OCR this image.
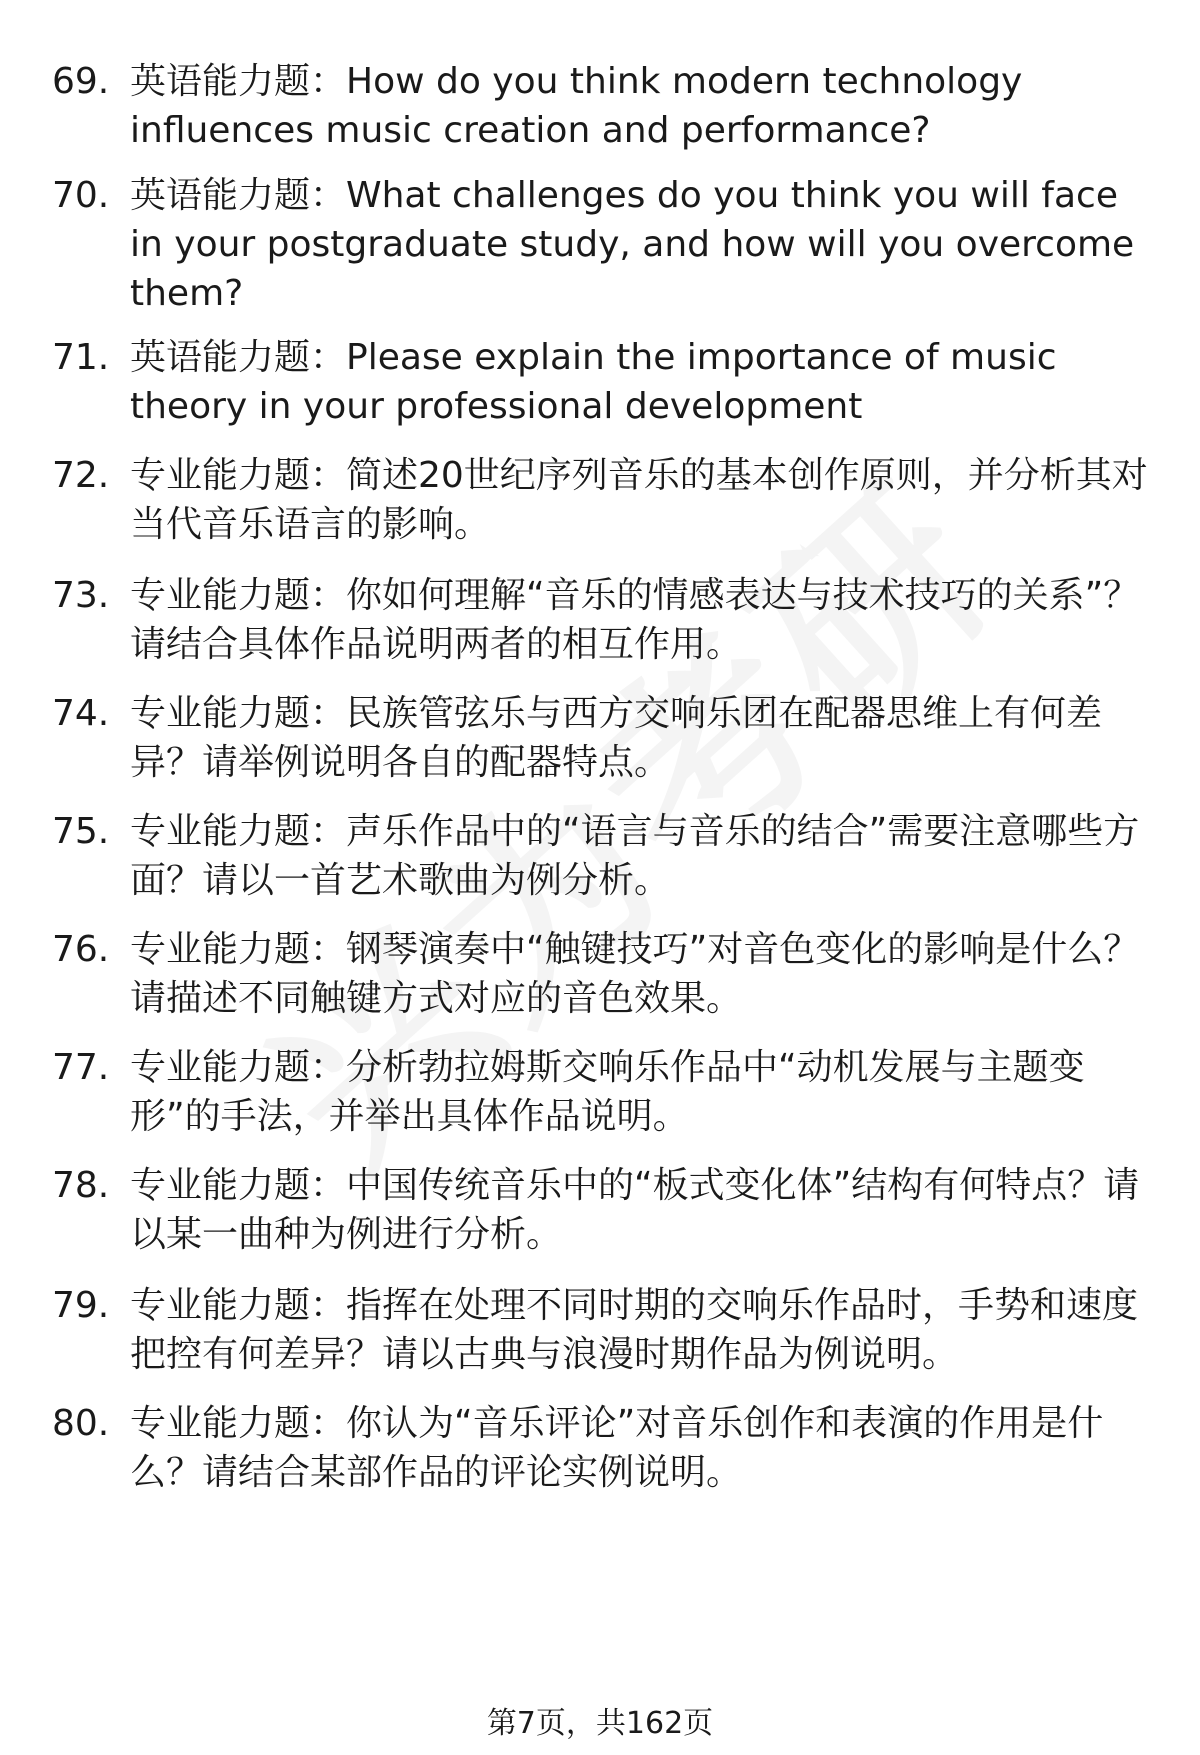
69. 英语能力题：How do you think modern technology influences music creation and performance?
70. 英语能力题：What challenges do you think you will face in your postgraduate study, and how will you overcome them?
71. 英语能力题：Please explain the importance of music theory in your professional development
72. 专业能力题：简述20世纪序列音乐的基本创作原则，并分析其对当代音乐语言的影响。
73. 专业能力题：你如何理解“音乐的情感表达与技术技巧的关系”？请结合具体作品说明两者的相互作用。
74. 专业能力题：民族管弦乐与西方交响乐团在配器思维上有何差异？请举例说明各自的配器特点。
75. 专业能力题：声乐作品中的“语言与音乐的结合”需要注意哪些方面？请以一首艺术歌曲为例分析。
76. 专业能力题：钢琴演奏中“触键技巧”对音色变化的影响是什么？请描述不同触键方式对应的音色效果。
77. 专业能力题：分析勃拉姆斯交响乐作品中“动机发展与主题变形”的手法，并举出具体作品说明。
78. 专业能力题：中国传统音乐中的“板式变化体”结构有何特点？请以某一曲种为例进行分析。
79. 专业能力题：指挥在处理不同时期的交响乐作品时，手势和速度把控有何差异？请以古典与浪漫时期作品为例说明。
80. 专业能力题：你认为“音乐评论”对音乐创作和表演的作用是什么？请结合某部作品的评论实例说明。
第7页，共162页
